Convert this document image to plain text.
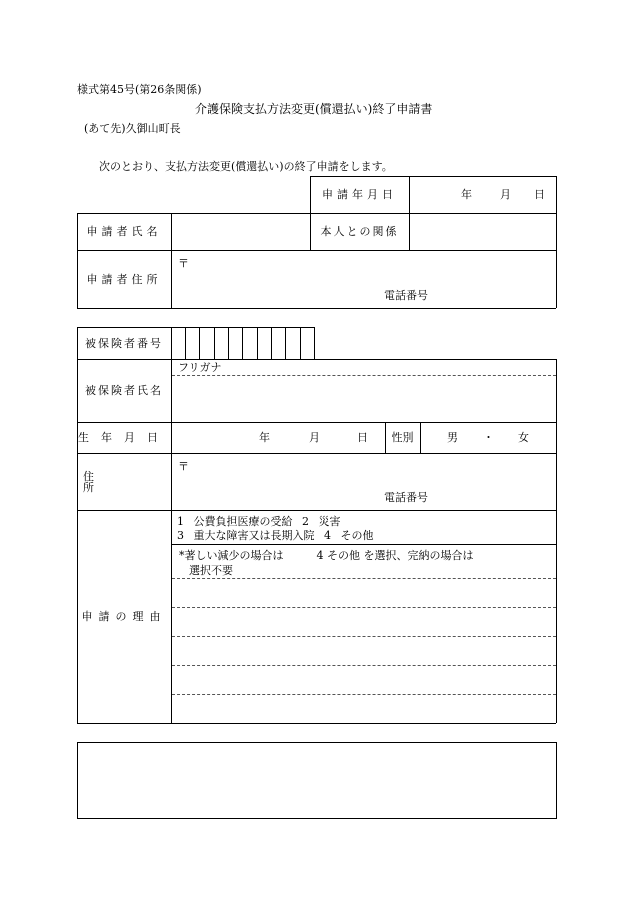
様式第45号(第26条関係)
介護保険支払方法変更(償還払い)終了申請書
(あて先)久御山町長
次のとおり、支払方法変更(償還払い)の終了申請をします。
申請年月日	年	月 日
申請者氏名	本人との関係
申請者住所
〒
電話番号
被保険者番号
フリガナ
被保険者氏名
生年月日	年	月	日	性別	男 ・ 女
住所
〒
電話番号
申請の理由
1 公費負担医療の受給 2 災害
3 重大な障害又は長期入院 4 その他
*著しい減少の場合は　　　4 その他 を選択、完納の場合は
選択不要
